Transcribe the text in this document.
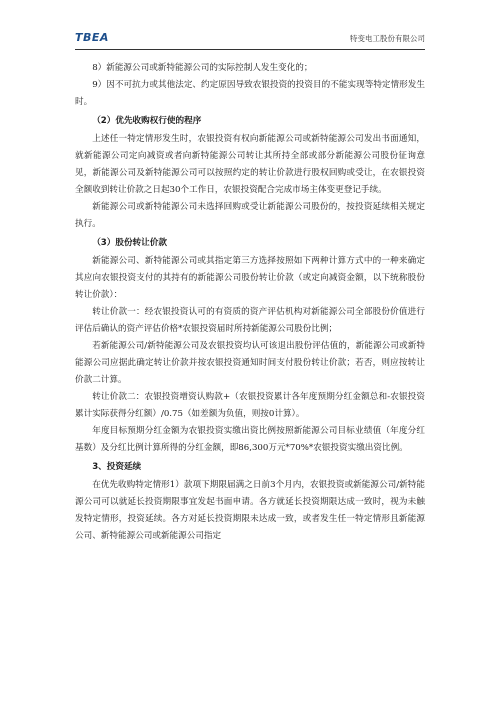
TBEA	特变电工股份有限公司

8）新能源公司或新特能源公司的实际控制人发生变化的；

9）因不可抗力或其他法定、约定原因导致农银投资的投资目的不能实现等特定情形发生时。

（2）优先收购权行使的程序

上述任一特定情形发生时，农银投资有权向新能源公司或新特能源公司发出书面通知，就新能源公司定向减资或者向新特能源公司转让其所持全部或部分新能源公司股份征询意见，新能源公司及新特能源公司可以按照约定的转让价款进行股权回购或受让，在农银投资全额收到转让价款之日起30个工作日，农银投资配合完成市场主体变更登记手续。

新能源公司或新特能源公司未选择回购或受让新能源公司股份的，按投资延续相关规定执行。

（3）股份转让价款

新能源公司、新特能源公司或其指定第三方选择按照如下两种计算方式中的一种来确定其应向农银投资支付的其持有的新能源公司股份转让价款（或定向减资金额，以下统称股份转让价款）：

转让价款一：经农银投资认可的有资质的资产评估机构对新能源公司全部股份价值进行评估后确认的资产评估价格*农银投资届时所持新能源公司股份比例；

若新能源公司/新特能源公司及农银投资均认可该退出股份评估值的，新能源公司或新特能源公司应据此确定转让价款并按农银投资通知时间支付股份转让价款；若否，则应按转让价款二计算。

转让价款二：农银投资增资认购款+（农银投资累计各年度预期分红金额总和-农银投资累计实际获得分红额）/0.75（如差额为负值，则按0计算）。

年度目标预期分红金额为农银投资实缴出资比例按照新能源公司目标业绩值（年度分红基数）及分红比例计算所得的分红金额，即86,300万元*70%*农银投资实缴出资比例。

3、投资延续

在优先收购特定情形1）款项下期限届满之日前3个月内，农银投资或新能源公司/新特能源公司可以就延长投资期限事宜发起书面申请。各方就延长投资期限达成一致时，视为未触发特定情形，投资延续。各方对延长投资期限未达成一致，或者发生任一特定情形且新能源公司、新特能源公司或新能源公司指定
